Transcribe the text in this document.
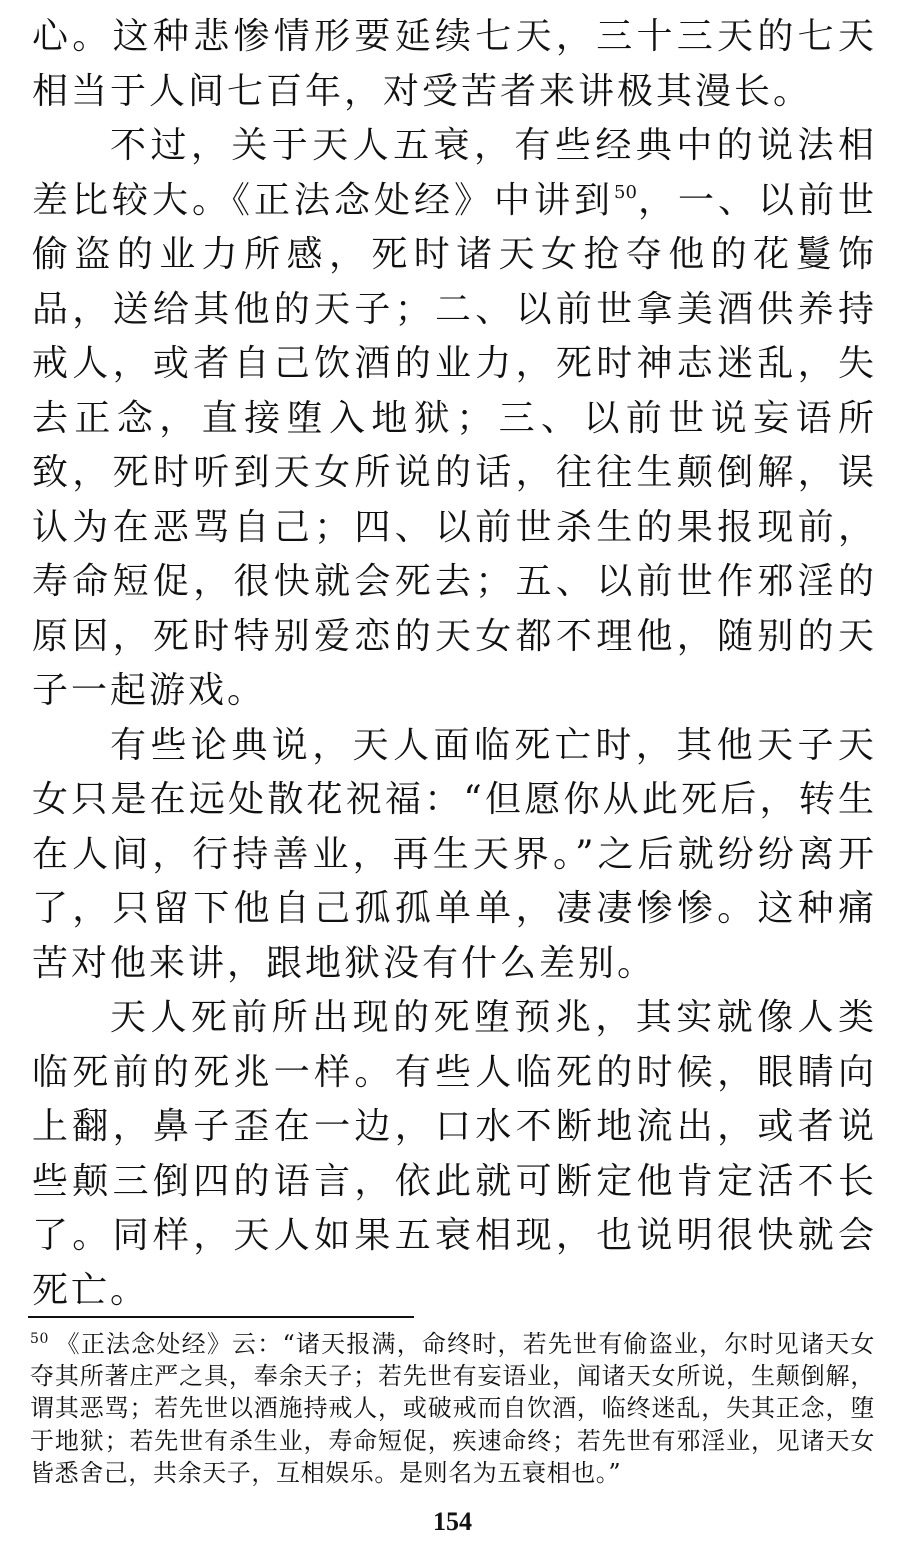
心。这种悲惨情形要延续七天，三十三天的七天相当于人间七百年，对受苦者来讲极其漫长。

不过，关于天人五衰，有些经典中的说法相差比较大。《正法念处经》中讲到$^{50}$，一、以前世偷盗的业力所感，死时诸天女抢夺他的花鬘饰品，送给其他的天子；二、以前世拿美酒供养持戒人，或者自己饮酒的业力，死时神志迷乱，失去正念，直接堕入地狱；三、以前世说妄语所致，死时听到天女所说的话，往往生颠倒解，误认为在恶骂自己；四、以前世杀生的果报现前，寿命短促，很快就会死去；五、以前世作邪淫的原因，死时特别爱恋的天女都不理他，随别的天子一起游戏。

有些论典说，天人面临死亡时，其他天子天女只是在远处散花祝福：“但愿你从此死后，转生在人间，行持善业，再生天界。”之后就纷纷离开了，只留下他自己孤孤单单，凄凄惨惨。这种痛苦对他来讲，跟地狱没有什么差别。

天人死前所出现的死堕预兆，其实就像人类临死前的死兆一样。有些人临死的时候，眼睛向上翻，鼻子歪在一边，口水不断地流出，或者说些颠三倒四的语言，依此就可断定他肯定活不长了。同样，天人如果五衰相现，也说明很快就会死亡。

$^{50}$ 《正法念处经》云：“诸天报满，命终时，若先世有偷盗业，尔时见诸天女夺其所著庄严之具，奉余天子；若先世有妄语业，闻诸天女所说，生颠倒解，谓其恶骂；若先世以酒施持戒人，或破戒而自饮酒，临终迷乱，失其正念，堕于地狱；若先世有杀生业，寿命短促，疾速命终；若先世有邪淫业，见诸天女皆悉舍己，共余天子，互相娱乐。是则名为五衰相也。”
154
